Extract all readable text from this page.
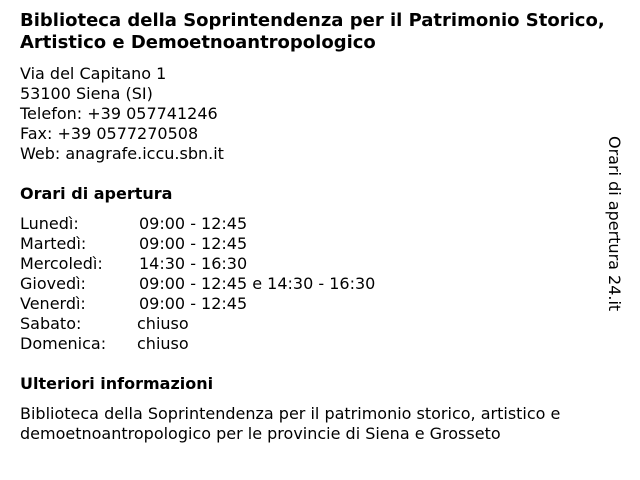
Biblioteca della Soprintendenza per il Patrimonio Storico, Artistico e Demoetnoantropologico
Via del Capitano 1
53100 Siena (SI)
Telefon: +39 057741246
Fax: +39 0577270508
Web: anagrafe.iccu.sbn.it
Orari di apertura
Lunedì:	09:00 - 12:45
Martedì:	09:00 - 12:45
Mercoledì: 14:30 - 16:30
Giovedì:	09:00 - 12:45 e 14:30 - 16:30
Venerdì:	09:00 - 12:45
Sabato:	chiuso
Domenica: chiuso
Ulteriori informazioni
Biblioteca della Soprintendenza per il patrimonio storico, artistico e
demoetnoantropologico per le provincie di Siena e Grosseto
Orari di apertura 24.it
